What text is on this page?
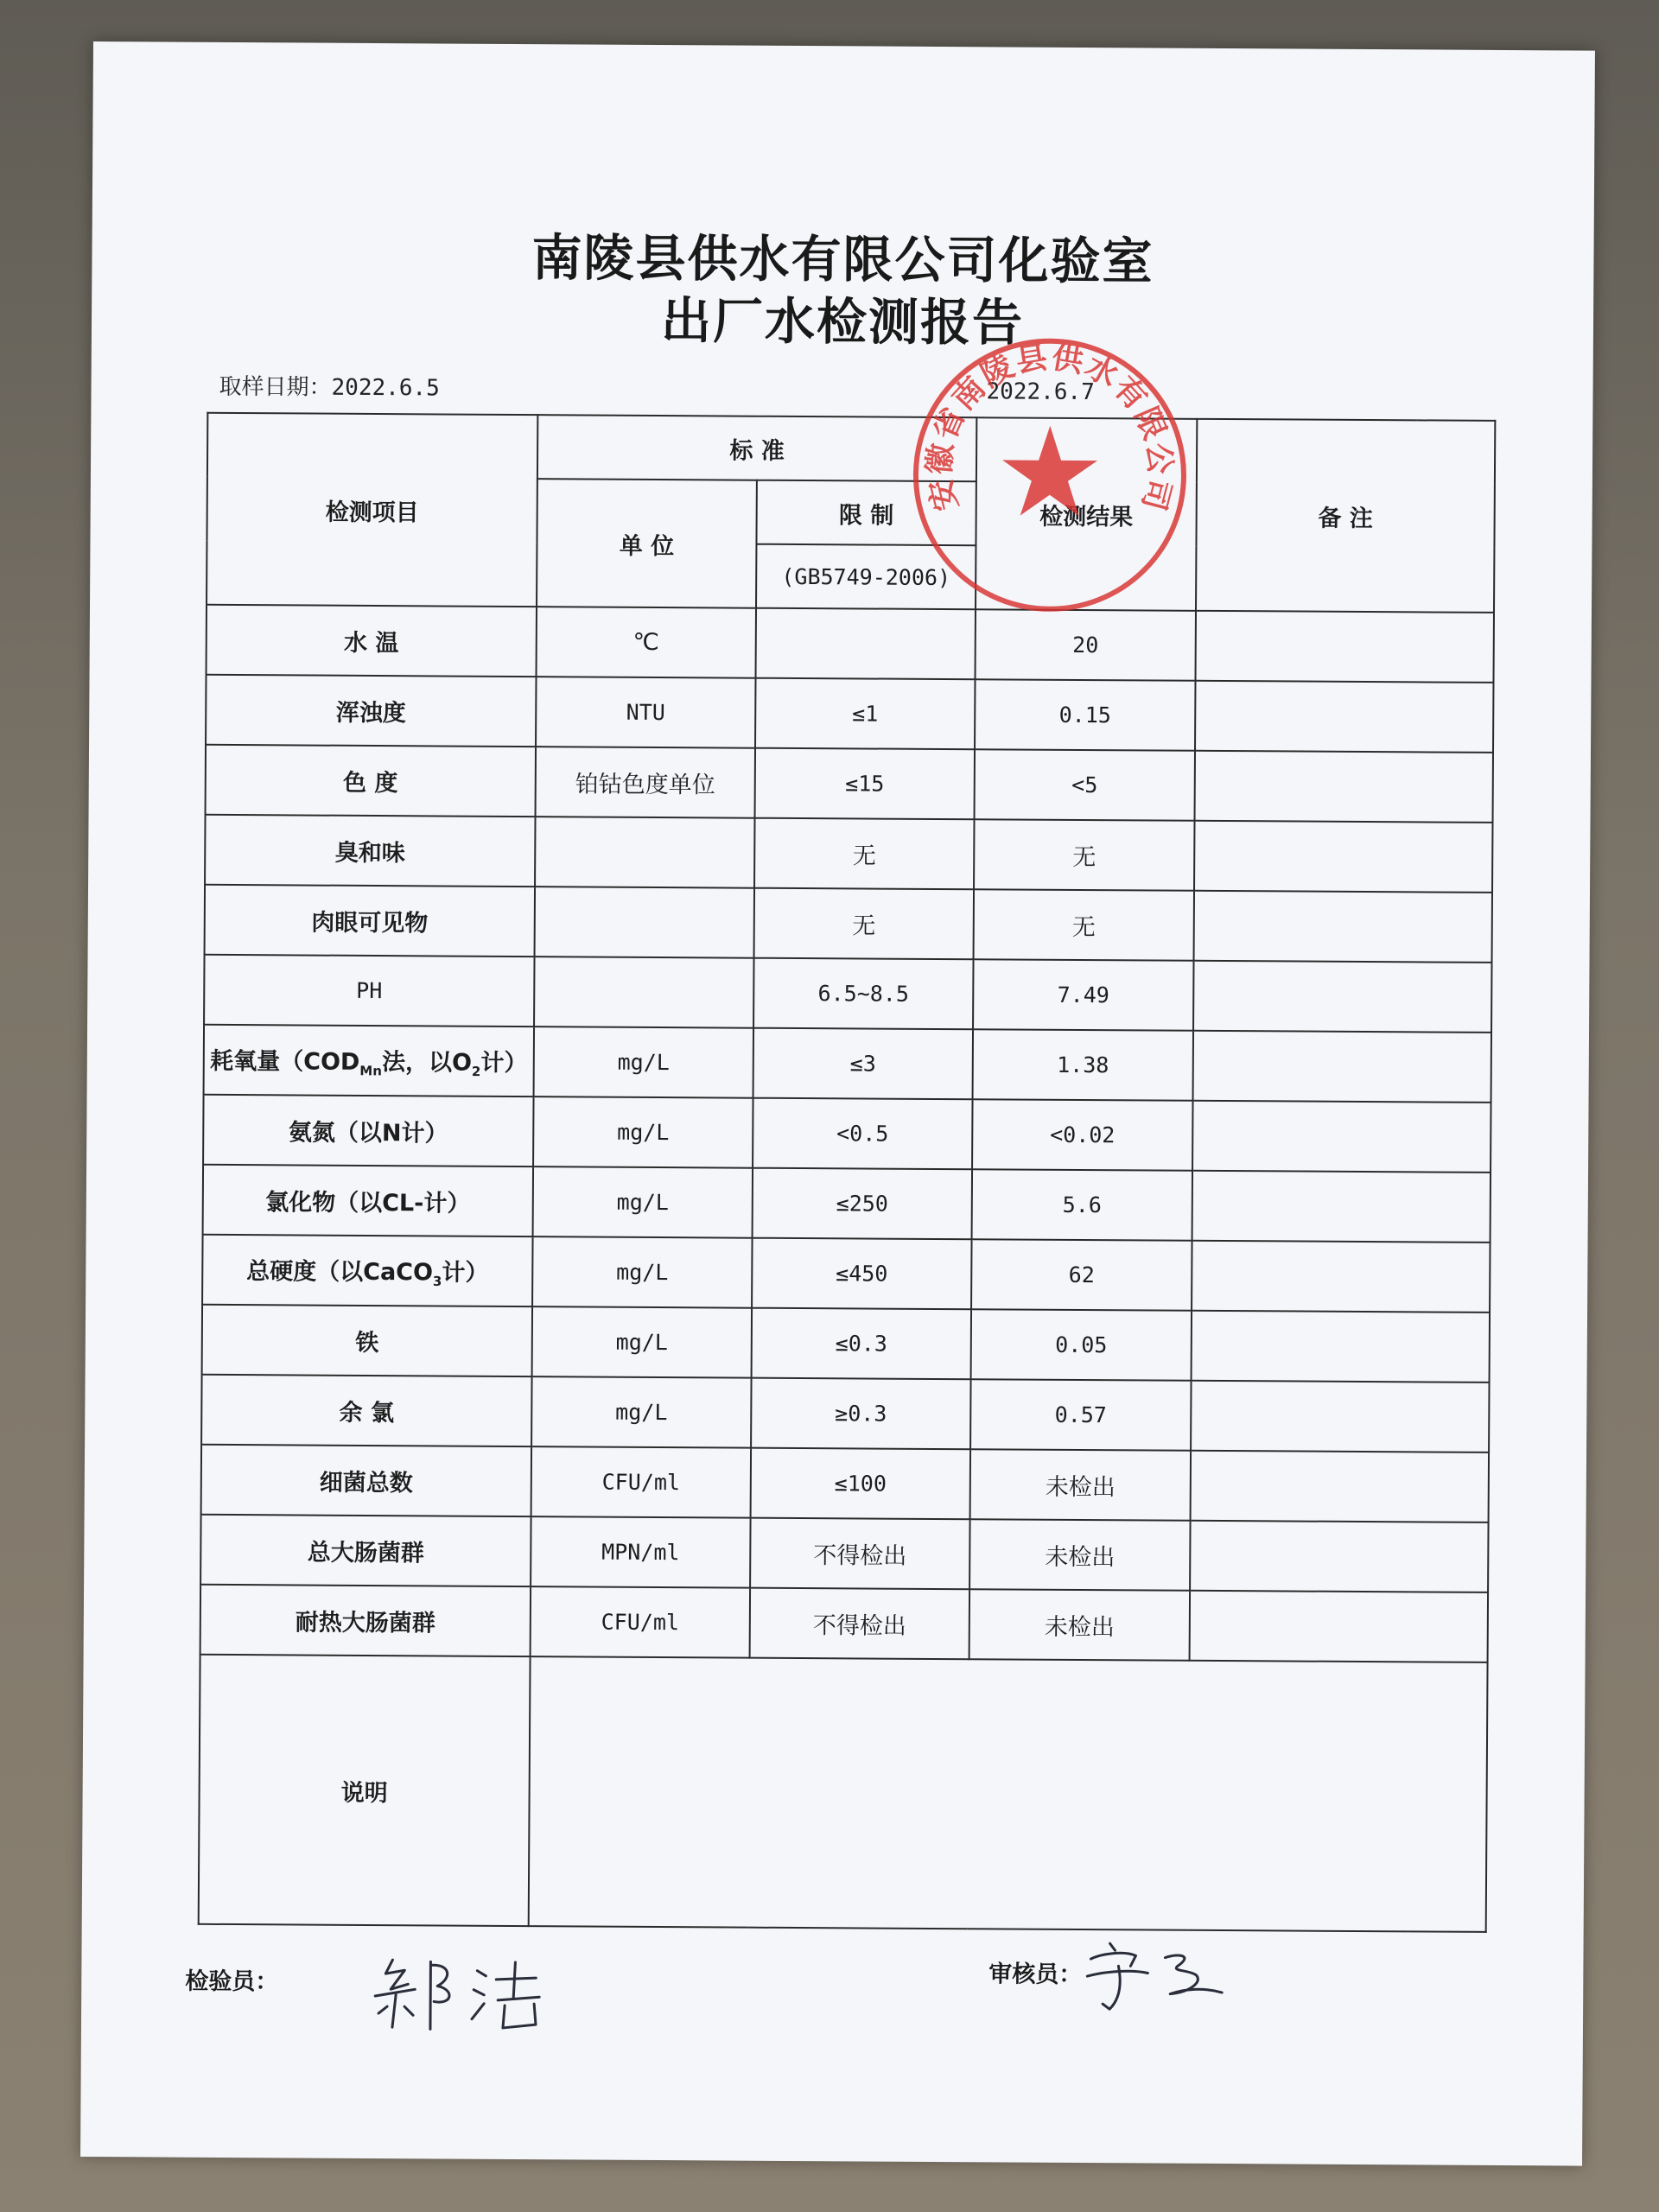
南陵县供水有限公司化验室
出厂水检测报告
取样日期：2022.6.5	2022.6.7
检测项目	标 准		检测结果	备 注
	单 位	限 制		
		(GB5749-2006)		
水 温	℃		20	
浑浊度	NTU	≤1	0.15	
色 度	铂钴色度单位	≤15	<5	
臭和味		无	无	
肉眼可见物		无	无	
PH		6.5~8.5	7.49	
耗氧量（$COD_{Mn}$法，以$O_2$计）	mg/L	≤3	1.38	
氨氮（以N计）	mg/L	<0.5	<0.02	
氯化物（以CL-计）	mg/L	≤250	5.6	
总硬度（以CaCO$_3$计）	mg/L	≤450	62	
铁	mg/L	≤0.3	0.05	
余 氯	mg/L	≥0.3	0.57	
细菌总数	CFU/ml	≤100	未检出	
总大肠菌群	MPN/ml	不得检出	未检出	
耐热大肠菌群	CFU/ml	不得检出	未检出	
说明				
检验员：	审核员：
安徽省南陵县供水有限公司
